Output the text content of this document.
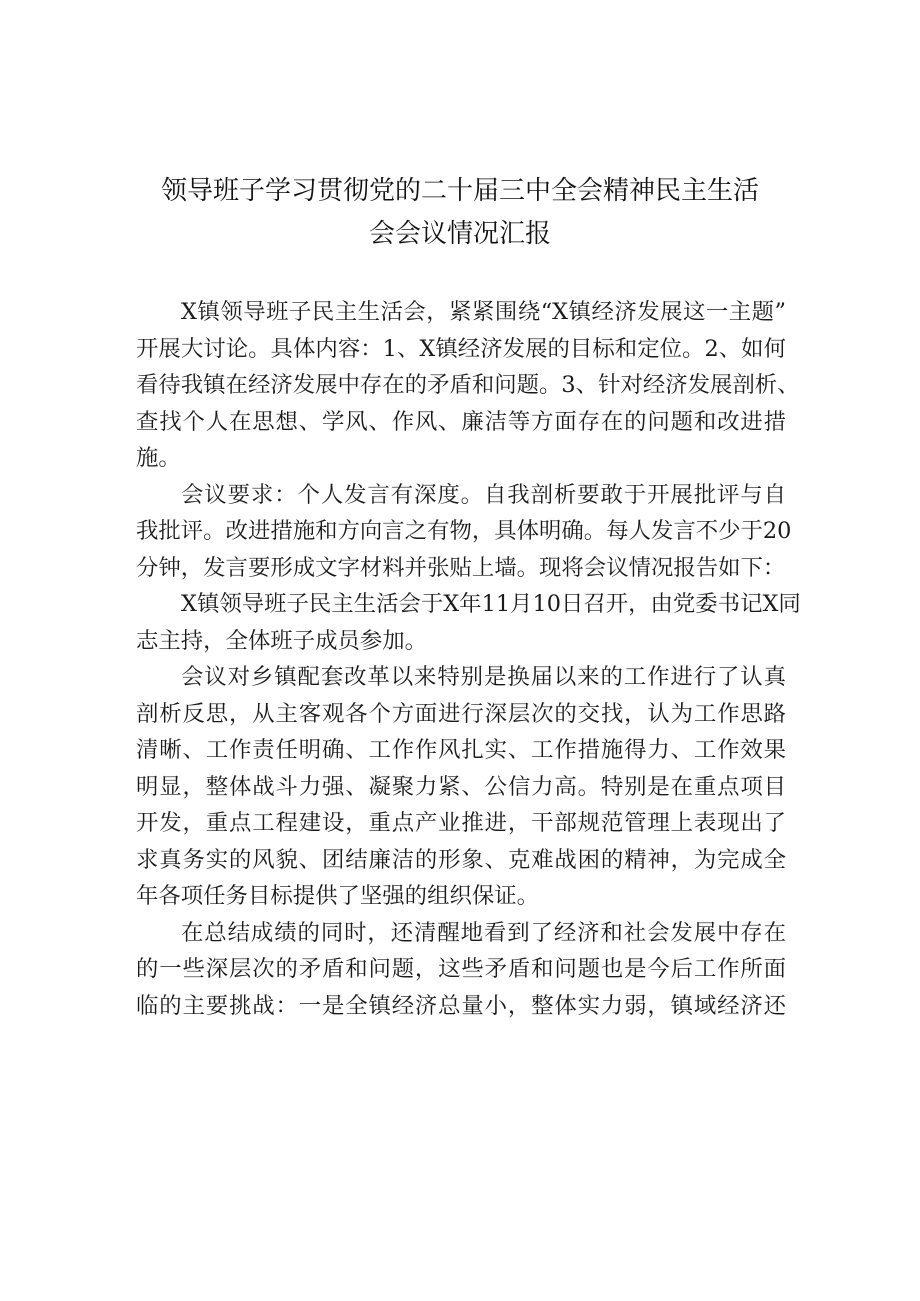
领导班子学习贯彻党的二十届三中全会精神民主生活
会会议情况汇报
X镇领导班子民主生活会，紧紧围绕“X镇经济发展这一主题”
开展大讨论。具体内容：1、X镇经济发展的目标和定位。2、如何
看待我镇在经济发展中存在的矛盾和问题。3、针对经济发展剖析、
查找个人在思想、学风、作风、廉洁等方面存在的问题和改进措
施。
会议要求：个人发言有深度。自我剖析要敢于开展批评与自
我批评。改进措施和方向言之有物，具体明确。每人发言不少于20
分钟，发言要形成文字材料并张贴上墙。现将会议情况报告如下：
X镇领导班子民主生活会于X年11月10日召开，由党委书记X同
志主持，全体班子成员参加。
会议对乡镇配套改革以来特别是换届以来的工作进行了认真
剖析反思，从主客观各个方面进行深层次的交找，认为工作思路
清晰、工作责任明确、工作作风扎实、工作措施得力、工作效果
明显，整体战斗力强、凝聚力紧、公信力高。特别是在重点项目
开发，重点工程建设，重点产业推进，干部规范管理上表现出了
求真务实的风貌、团结廉洁的形象、克难战困的精神，为完成全
年各项任务目标提供了坚强的组织保证。
在总结成绩的同时，还清醒地看到了经济和社会发展中存在
的一些深层次的矛盾和问题，这些矛盾和问题也是今后工作所面
临的主要挑战：一是全镇经济总量小，整体实力弱，镇域经济还
